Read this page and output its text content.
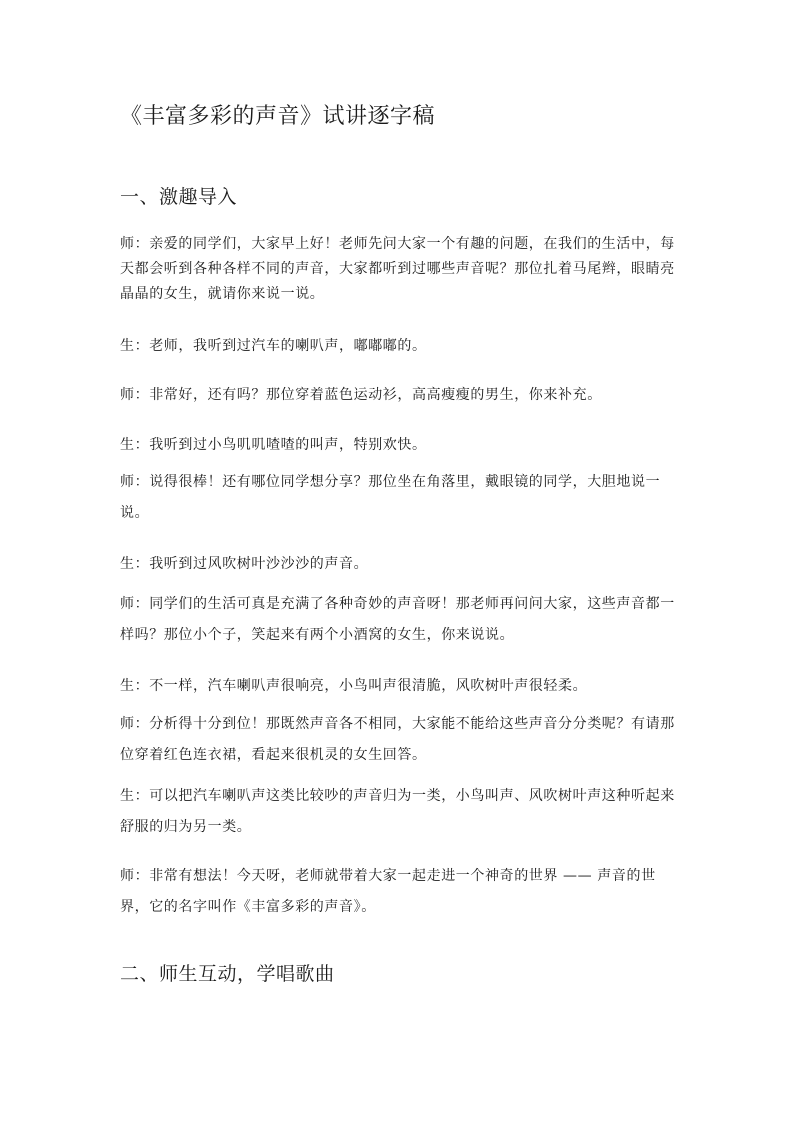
《丰富多彩的声音》试讲逐字稿
一、激趣导入

师：亲爱的同学们，大家早上好！老师先问大家一个有趣的问题，在我们的生活中，每天都会听到各种各样不同的声音，大家都听到过哪些声音呢？那位扎着马尾辫，眼睛亮晶晶的女生，就请你来说一说。

生：老师，我听到过汽车的喇叭声，嘟嘟嘟的。

师：非常好，还有吗？那位穿着蓝色运动衫，高高瘦瘦的男生，你来补充。

生：我听到过小鸟叽叽喳喳的叫声，特别欢快。

师：说得很棒！还有哪位同学想分享？那位坐在角落里，戴眼镜的同学，大胆地说一说。

生：我听到过风吹树叶沙沙沙的声音。

师：同学们的生活可真是充满了各种奇妙的声音呀！那老师再问问大家，这些声音都一样吗？那位小个子，笑起来有两个小酒窝的女生，你来说说。

生：不一样，汽车喇叭声很响亮，小鸟叫声很清脆，风吹树叶声很轻柔。

师：分析得十分到位！那既然声音各不相同，大家能不能给这些声音分分类呢？有请那位穿着红色连衣裙，看起来很机灵的女生回答。

生：可以把汽车喇叭声这类比较吵的声音归为一类，小鸟叫声、风吹树叶声这种听起来舒服的归为另一类。

师：非常有想法！今天呀，老师就带着大家一起走进一个神奇的世界 —— 声音的世界，它的名字叫作《丰富多彩的声音》。

二、师生互动，学唱歌曲
